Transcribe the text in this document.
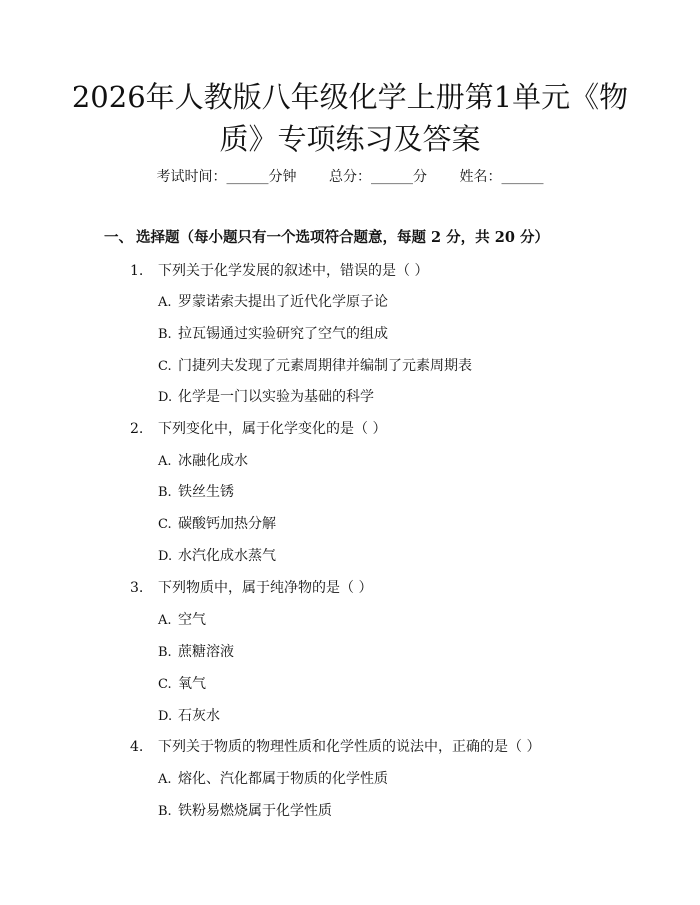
2026年人教版八年级化学上册第1单元《物
质》专项练习及答案
考试时间：______分钟 总分：______分 姓名：______
一、 选择题（每小题只有一个选项符合题意，每题 2 分，共 20 分）
1. 下列关于化学发展的叙述中，错误的是（ ）
A. 罗蒙诺索夫提出了近代化学原子论
B. 拉瓦锡通过实验研究了空气的组成
C. 门捷列夫发现了元素周期律并编制了元素周期表
D. 化学是一门以实验为基础的科学
2. 下列变化中，属于化学变化的是（ ）
A. 冰融化成水
B. 铁丝生锈
C. 碳酸钙加热分解
D. 水汽化成水蒸气
3. 下列物质中，属于纯净物的是（ ）
A. 空气
B. 蔗糖溶液
C. 氧气
D. 石灰水
4. 下列关于物质的物理性质和化学性质的说法中，正确的是（ ）
A. 熔化、汽化都属于物质的化学性质
B. 铁粉易燃烧属于化学性质
